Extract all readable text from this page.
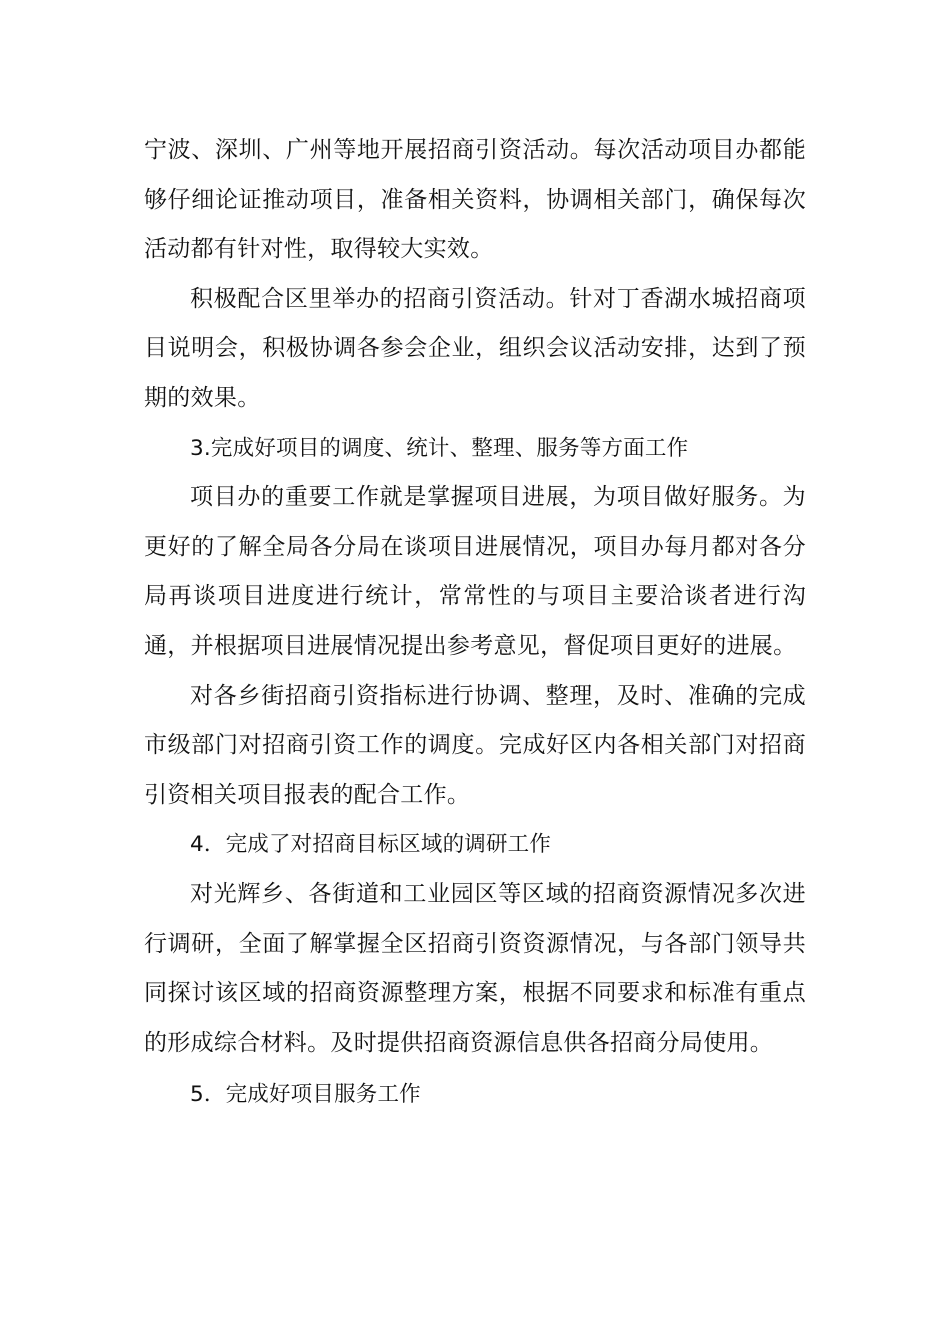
宁波、深圳、广州等地开展招商引资活动。每次活动项目办都能够仔细论证推动项目，准备相关资料，协调相关部门，确保每次活动都有针对性，取得较大实效。

积极配合区里举办的招商引资活动。针对丁香湖水城招商项目说明会，积极协调各参会企业，组织会议活动安排，达到了预期的效果。

3.完成好项目的调度、统计、整理、服务等方面工作

项目办的重要工作就是掌握项目进展，为项目做好服务。为更好的了解全局各分局在谈项目进展情况，项目办每月都对各分局再谈项目进度进行统计，常常性的与项目主要洽谈者进行沟通，并根据项目进展情况提出参考意见，督促项目更好的进展。

对各乡街招商引资指标进行协调、整理，及时、准确的完成市级部门对招商引资工作的调度。完成好区内各相关部门对招商引资相关项目报表的配合工作。

4．完成了对招商目标区域的调研工作

对光辉乡、各街道和工业园区等区域的招商资源情况多次进行调研，全面了解掌握全区招商引资资源情况，与各部门领导共同探讨该区域的招商资源整理方案，根据不同要求和标准有重点的形成综合材料。及时提供招商资源信息供各招商分局使用。

5．完成好项目服务工作
